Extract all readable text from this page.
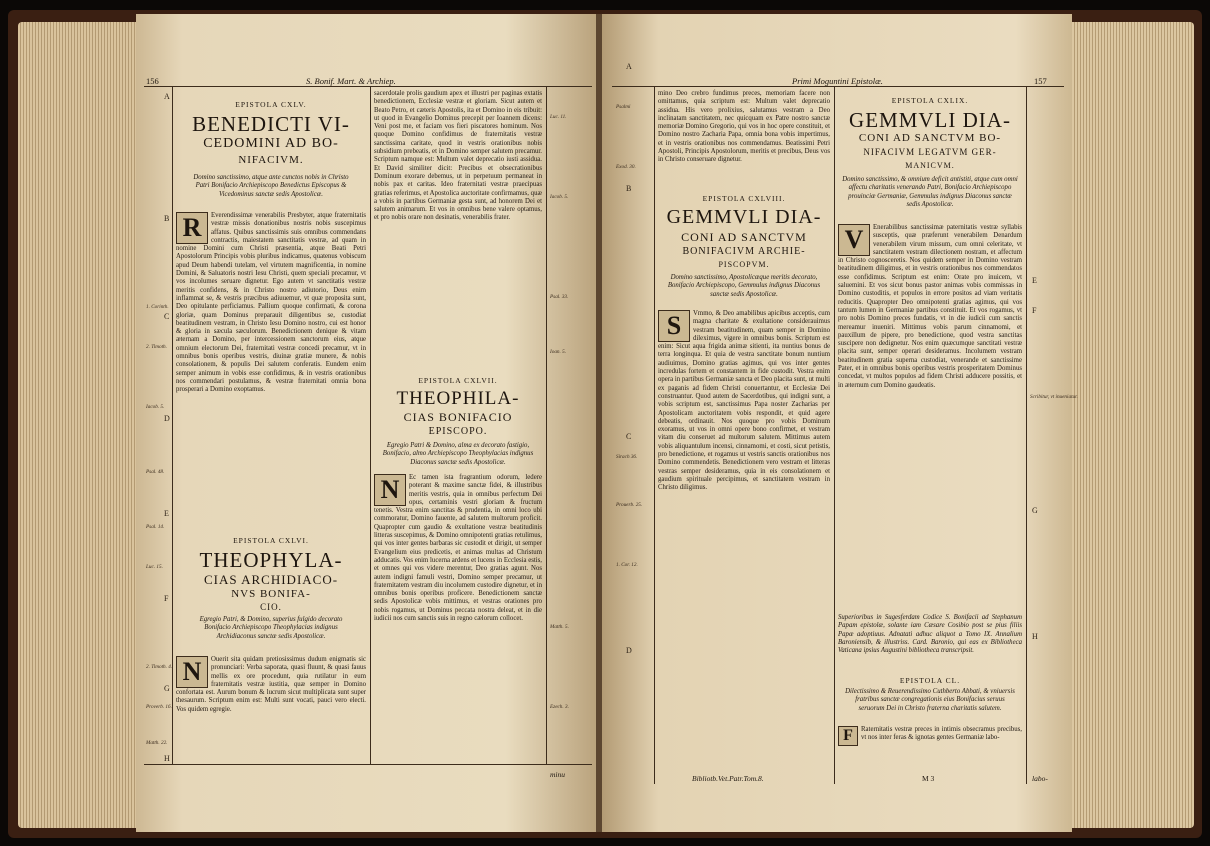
156	S. Bonif. Mart. & Archiep.
A
B
C
D
E
F
G
H
1. Corinth.
2. Timoth.
Iacob. 5.
Psal. 48.
Psal. 14.
Luc. 15.
2. Timoth. 4.
Proverb. 16.
Matth. 22.
Luc. 11.
Iacob. 5.
Psal. 33.
Ioan. 5.
Matth. 5.
Ezech. 3.
EPISTOLA CXLV.
BENEDICTI VI-
CEDOMINI AD BO-
NIFACIVM.
Domino sanctissimo, atque ante cunctos nobis in Christo Patri Bonifacio Archiepiscopo Benedictus Episcopus & Vicedominus sanctæ sedis Apostolicæ.
R	Everendissimæ venerabilis Presbyter, atque fraternitatis vestræ missis donationibus nostris nobis suscepimus affatus. Quibus sanctissimis suis omnibus commendans contractis, maiestatem sanctitatis vestræ, ad quam in nomine Domini cum Christi præsentia, atque Beati Petri Apostolorum Principis vobis pluribus indicamus, quatenus vobiscum apud Deum habendi tutelam, vel virtutem magnificentia, in nomine Domini, & Saluatoris nostri Iesu Christi, quem speciali precamur, vt vos incolumes seruare dignetur. Ego autem vt sanctitatis vestræ meritis confidens, & in Christo nostro adiutorio, Deus enim inflammat se, & vestris præcibus adiuuemur, vt quæ proposita sunt, Deo opitulante perficiamus. Pallium quoque confirmati, & corona gloriæ, quam Dominus preparauit diligentibus se, custodiat beatitudinem vestram, in Christo Iesu Domino nostro, cui est honor & gloria in sæcula sæculorum. Benedictionem denique & vitam æternam a Domino, per intercessionem sanctorum eius, atque omnium electorum Dei, fraternitati vestræ concedi precamur, vt in omnibus bonis operibus vestris, diuinæ gratiæ munere, & nobis consolationem, & populis Dei salutem conferatis. Eundem enim semper animum in vobis esse confidimus, & in vestris orationibus nos commendari postulamus, & vestræ fraternitati omnia bona prosperari a Domino exoptamus.
EPISTOLA CXLVI.
THEOPHYLA-
CIAS ARCHIDIACO-
NVS BONIFA-
CIO.
Egregio Patri, & Domino, superius fulgido decorato Bonifacio Archiepiscopo Theophylacias indignus Archidiaconus sanctæ sedis Apostolicæ.
N	Ouerit sita quidam pretiosissimus dudum enigmatis sic pronunciari: Verba saporata, quasi fluunt, & quasi fauus mellis ex ore procedunt, quia rutilatur in eum fraternitatis vestræ iustitia, quæ semper in Domino confortata est. Aurum bonum & lucrum sicut multiplicata sunt super thesaurum. Scriptum enim est: Multi sunt vocati, pauci vero electi. Vos quidem egregie.
sacerdotale prolis gaudium apex et illustri per paginas extatis benedictionem, Ecclesiæ vestræ et gloriam. Sicut autem et Beato Petro, et cæteris Apostolis, ita et Domino in eis tribuit: ut quod in Evangelio Dominus precepit per Ioannem dicens: Veni post me, et faciam vos fieri piscatores hominum. Nos quoque Domino confidimus de fraternitatis vestræ sanctissima caritate, quod in vestris orationibus nobis subsidium prebeatis, et in Domino semper salutem precamur. Scriptum namque est: Multum valet deprecatio iusti assidua. Et David similiter dicit: Precibus et obsecrationibus Dominum exorare debemus, ut in perpetuum permaneat in nobis pax et caritas. Ideo fraternitati vestræ praecipuas gratias referimus, et Apostolica auctoritate confirmamus, quæ a vobis in partibus Germaniæ gesta sunt, ad honorem Dei et salutem animarum. Et vos in omnibus bene valere optamus, et pro nobis orare non desinatis, venerabilis frater.
EPISTOLA CXLVII.
THEOPHILA-
CIAS BONIFACIO
EPISCOPO.
Egregio Patri & Domino, alma ex decorato fastigio, Bonifacio, almo Archiepiscopo Theophylacias indignus Diaconus sanctæ sedis Apostolicæ.
N	Ec tamen ista fragrantium odorum, ledere poterant & maxime sanctæ fidei, & illustribus meritis vestris, quia in omnibus perfectum Dei opus, certaminis vestri gloriam & fructum tenetis. Vestra enim sanctitas & prudentia, in omni loco ubi commoratur, Domino fauente, ad salutem multorum proficit. Quapropter cum gaudio & exultatione vestræ beatitudinis litteras suscepimus, & Domino omnipotenti gratias retulimus, qui vos inter gentes barbaras sic custodit et dirigit, ut semper Evangelium eius predicetis, et animas multas ad Christum adducatis. Vos enim lucerna ardens et lucens in Ecclesia estis, et omnes qui vos videre merentur, Deo gratias agunt. Nos autem indigni famuli vestri, Domino semper precamur, ut fraternitatem vestram diu incolumem custodire dignetur, et in omnibus bonis operibus proficere. Benedictionem sanctæ sedis Apostolicæ vobis mittimus, et vestras orationes pro nobis rogamus, ut Dominus peccata nostra deleat, et in die iudicii nos cum sanctis suis in regno cælorum collocet.
minu
Primi Moguntini Epistolæ.	157
A
B
C
D
E
F
G
H
Psalmi
Exod. 30.
Sirach 36.
Prouerb. 25.
1. Cor. 12.
Scribitur, vt inueniatur.
mino Deo crebro fundimus preces, memoriam facere non omittamus, quia scriptum est: Multum valet deprecatio assidua. His vero prolixius, salutamus vestram a Deo inclinatam sanctitatem, nec quicquam ex Patre nostro sanctæ memoriæ Domino Gregorio, qui vos in hoc opere constituit, et Domino nostro Zacharia Papa, omnia bona vobis impertimus, et in vestris orationibus nos commendamus. Beatissimi Petri Apostoli, Principis Apostolorum, meritis et precibus, Deus vos in Christo conseruare dignetur.
EPISTOLA CXLVIII.
GEMMVLI DIA-
CONI AD SANCTVM
BONIFACIVM ARCHIE-
PISCOPVM.
Domino sanctissimo, Apostolicæque meritis decorato, Bonifacio Archiepiscopo, Gemmulus indignus Diaconus sanctæ sedis Apostolicæ.
S	Vmmo, & Deo amabilibus apicibus acceptis, cum magna charitate & exultatione considerauimus vestram beatitudinem, quam semper in Domino dileximus, vigere in omnibus bonis. Scriptum est enim: Sicut aqua frigida animæ sitienti, ita nuntius bonus de terra longinqua. Et quia de vestra sanctitate bonum nuntium audiuimus, Domino gratias agimus, qui vos inter gentes incredulas fortem et constantem in fide custodit. Vestra enim opera in partibus Germaniæ sancta et Deo placita sunt, ut multi ex paganis ad fidem Christi conuertantur, et Ecclesiæ Dei construantur. Quod autem de Sacerdotibus, qui indigni sunt, a vobis scriptum est, sanctissimus Papa noster Zacharias per Apostolicam auctoritatem vobis respondit, et quid agere debeatis, ordinauit. Nos quoque pro vobis Dominum exoramus, ut vos in omni opere bono confirmet, et vestram vitam diu conseruet ad multorum salutem. Mittimus autem vobis aliquantulum incensi, cinnamomi, et costi, sicut petistis, pro benedictione, et rogamus ut vestris sanctis orationibus nos Domino commendetis. Benedictionem vero vestram et litteras vestras semper desideramus, quia in eis consolationem et gaudium spirituale percipimus, et sanctitatem vestram in Christo diligimus.
Bibliotb.Vet.Patr.Tom.8.
EPISTOLA CXLIX.
GEMMVLI DIA-
CONI AD SANCTVM BO-
NIFACIVM LEGATVM GER-
MANICVM.
Domino sanctissimo, & omnium deficit antistiti, atque cum omni affectu charitatis venerando Patri, Bonifacio Archiepiscopo prouinciæ Germaniæ, Gemmulus indignus Diaconus sanctæ sedis Apostolicæ.
V	Enerabilibus sanctissimæ paternitatis vestræ syllabis susceptis, quæ præferunt venerabilem Denardum venerabilem virum missum, cum omni celeritate, vt sanctitatem vestram dilectionem nostram, et affectum in Christo cognosceretis. Nos quidem semper in Domino vestram beatitudinem diligimus, et in vestris orationibus nos commendatos esse confidimus. Scriptum est enim: Orate pro inuicem, vt saluemini. Et vos sicut bonus pastor animas vobis commissas in Domino custoditis, et populos in errore positos ad viam veritatis reducitis. Quapropter Deo omnipotenti gratias agimus, qui vos tantum lumen in Germaniæ partibus constituit. Et vos rogamus, vt pro nobis Domino preces fundatis, vt in die iudicii cum sanctis mereamur inueniri. Mittimus vobis parum cinnamomi, et pauxillum de pipere, pro benedictione, quod vestra sanctitas suscipere non dedignetur. Nos enim quæcumque sanctitati vestræ placita sunt, semper operari desideramus. Incolumem vestram beatitudinem gratia superna custodiat, venerande et sanctissime Pater, et in omnibus bonis operibus vestris prosperitatem Dominus concedat, vt multos populos ad fidem Christi adducere possitis, et in æternum cum Domino gaudeatis.
Superioribus in Sugesferdam Codice S. Bonifacii ad Stephanum Papam epistolæ, solante iam Cæsare Cosibio post se pius filiis Papæ adoptiuus. Adnatati adhuc aliquot a Tomo IX. Annalium Baroniensib, & illustriss. Card. Baronio, qui eas ex Bibliotheca Vaticana ipsius Augustini bibliotheca transcripsit.
EPISTOLA CL.
Dilectissimo & Reuerendissimo Cuthberto Abbati, & vniuersis fratribus sanctæ congregationis eius Bonifacius seruus seruorum Dei in Christo fraterna charitatis salutem.
F	Raternitatis vestræ preces in intimis obsecramus precibus, vt nos inter feras & ignotas gentes Germaniæ labo-
M 3	labo-
